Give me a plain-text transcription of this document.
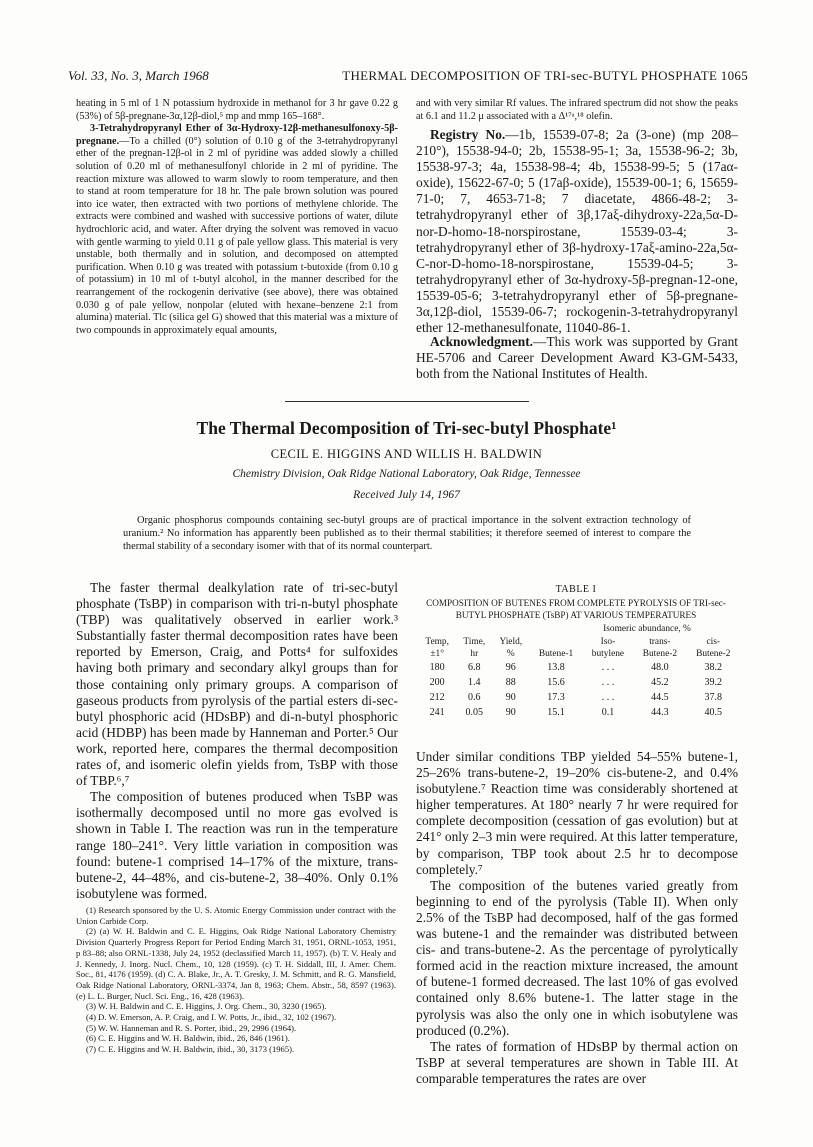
Vol. 33, No. 3, March 1968	THERMAL DECOMPOSITION OF TRI-sec-BUTYL PHOSPHATE 1065

heating in 5 ml of 1 N potassium hydroxide in methanol for 3 hr gave 0.22 g (53%) of 5β-pregnane-3α,12β-diol,⁵ mp and mmp 165–168°.

3-Tetrahydropyranyl Ether of 3α-Hydroxy-12β-methanesulfonoxy-5β-pregnane.—To a chilled (0°) solution of 0.10 g of the 3-tetrahydropyranyl ether of the pregnan-12β-ol in 2 ml of pyridine was added slowly a chilled solution of 0.20 ml of methanesulfonyl chloride in 2 ml of pyridine. The reaction mixture was allowed to warm slowly to room temperature, and then to stand at room temperature for 18 hr. The pale brown solution was poured into ice water, then extracted with two portions of methylene chloride. The extracts were combined and washed with successive portions of water, dilute hydrochloric acid, and water. After drying the solvent was removed in vacuo with gentle warming to yield 0.11 g of pale yellow glass. This material is very unstable, both thermally and in solution, and decomposed on attempted purification. When 0.10 g was treated with potassium t-butoxide (from 0.10 g of potassium) in 10 ml of t-butyl alcohol, in the manner described for the rearrangement of the rockogenin derivative (see above), there was obtained 0.030 g of pale yellow, nonpolar (eluted with hexane–benzene 2:1 from alumina) material. Tlc (silica gel G) showed that this material was a mixture of two compounds in approximately equal amounts,

and with very similar Rf values. The infrared spectrum did not show the peaks at 6.1 and 11.2 μ associated with a Δ¹⁷ᵃ,¹⁸ olefin.

Registry No.—1b, 15539-07-8; 2a (3-one) (mp 208–210°), 15538-94-0; 2b, 15538-95-1; 3a, 15538-96-2; 3b, 15538-97-3; 4a, 15538-98-4; 4b, 15538-99-5; 5 (17aα-oxide), 15622-67-0; 5 (17aβ-oxide), 15539-00-1; 6, 15659-71-0; 7, 4653-71-8; 7 diacetate, 4866-48-2; 3-tetrahydropyranyl ether of 3β,17aξ-dihydroxy-22a,5α-D-nor-D-homo-18-norspirostane, 15539-03-4; 3-tetrahydropyranyl ether of 3β-hydroxy-17aξ-amino-22a,5α-C-nor-D-homo-18-norspirostane, 15539-04-5; 3-tetrahydropyranyl ether of 3α-hydroxy-5β-pregnan-12-one, 15539-05-6; 3-tetrahydropyranyl ether of 5β-pregnane-3α,12β-diol, 15539-06-7; rockogenin-3-tetrahydropyranyl ether 12-methanesulfonate, 11040-86-1.

Acknowledgment.—This work was supported by Grant HE-5706 and Career Development Award K3-GM-5433, both from the National Institutes of Health.

The Thermal Decomposition of Tri-sec-butyl Phosphate¹
CECIL E. HIGGINS AND WILLIS H. BALDWIN
Chemistry Division, Oak Ridge National Laboratory, Oak Ridge, Tennessee
Received July 14, 1967
Organic phosphorus compounds containing sec-butyl groups are of practical importance in the solvent extraction technology of uranium.² No information has apparently been published as to their thermal stabilities; it therefore seemed of interest to compare the thermal stability of a secondary isomer with that of its normal counterpart.

The faster thermal dealkylation rate of tri-sec-butyl phosphate (TsBP) in comparison with tri-n-butyl phosphate (TBP) was qualitatively observed in earlier work.³ Substantially faster thermal decomposition rates have been reported by Emerson, Craig, and Potts⁴ for sulfoxides having both primary and secondary alkyl groups than for those containing only primary groups. A comparison of gaseous products from pyrolysis of the partial esters di-sec-butyl phosphoric acid (HDsBP) and di-n-butyl phosphoric acid (HDBP) has been made by Hanneman and Porter.⁵ Our work, reported here, compares the thermal decomposition rates of, and isomeric olefin yields from, TsBP with those of TBP.⁶,⁷

The composition of butenes produced when TsBP was isothermally decomposed until no more gas evolved is shown in Table I. The reaction was run in the temperature range 180–241°. Very little variation in composition was found: butene-1 comprised 14–17% of the mixture, trans-butene-2, 44–48%, and cis-butene-2, 38–40%. Only 0.1% isobutylene was formed.

(1) Research sponsored by the U. S. Atomic Energy Commission under contract with the Union Carbide Corp.

(2) (a) W. H. Baldwin and C. E. Higgins, Oak Ridge National Laboratory Chemistry Division Quarterly Progress Report for Period Ending March 31, 1951, ORNL-1053, 1951, p 83–88; also ORNL-1338, July 24, 1952 (declassified March 11, 1957). (b) T. V. Healy and J. Kennedy, J. Inorg. Nucl. Chem., 10, 128 (1959). (c) T. H. Siddall, III, J. Amer. Chem. Soc., 81, 4176 (1959). (d) C. A. Blake, Jr., A. T. Gresky, J. M. Schmitt, and R. G. Mansfield, Oak Ridge National Laboratory, ORNL-3374, Jan 8, 1963; Chem. Abstr., 58, 8597 (1963). (e) L. L. Burger, Nucl. Sci. Eng., 16, 428 (1963).

(3) W. H. Baldwin and C. E. Higgins, J. Org. Chem., 30, 3230 (1965).

(4) D. W. Emerson, A. P. Craig, and I. W. Potts, Jr., ibid., 32, 102 (1967).

(5) W. W. Hanneman and R. S. Porter, ibid., 29, 2996 (1964).

(6) C. E. Higgins and W. H. Baldwin, ibid., 26, 846 (1961).

(7) C. E. Higgins and W. H. Baldwin, ibid., 30, 3173 (1965).

TABLE I
COMPOSITION OF BUTENES FROM COMPLETE PYROLYSIS OF TRI-sec-BUTYL PHOSPHATE (TsBP) AT VARIOUS TEMPERATURES
Isomeric abundance, %
Temp,	Time,	Yield,		Iso-	trans-	cis-
±1°	hr	%	Butene-1	butylene	Butene-2	Butene-2
180	6.8	96	13.8	. . .	48.0	38.2
200	1.4	88	15.6	. . .	45.2	39.2
212	0.6	90	17.3	. . .	44.5	37.8
241	0.05	90	15.1	0.1	44.3	40.5

Under similar conditions TBP yielded 54–55% butene-1, 25–26% trans-butene-2, 19–20% cis-butene-2, and 0.4% isobutylene.⁷ Reaction time was considerably shortened at higher temperatures. At 180° nearly 7 hr were required for complete decomposition (cessation of gas evolution) but at 241° only 2–3 min were required. At this latter temperature, by comparison, TBP took about 2.5 hr to decompose completely.⁷

The composition of the butenes varied greatly from beginning to end of the pyrolysis (Table II). When only 2.5% of the TsBP had decomposed, half of the gas formed was butene-1 and the remainder was distributed between cis- and trans-butene-2. As the percentage of pyrolytically formed acid in the reaction mixture increased, the amount of butene-1 formed decreased. The last 10% of gas evolved contained only 8.6% butene-1. The latter stage in the pyrolysis was also the only one in which isobutylene was produced (0.2%).

The rates of formation of HDsBP by thermal action on TsBP at several temperatures are shown in Table III. At comparable temperatures the rates are over
